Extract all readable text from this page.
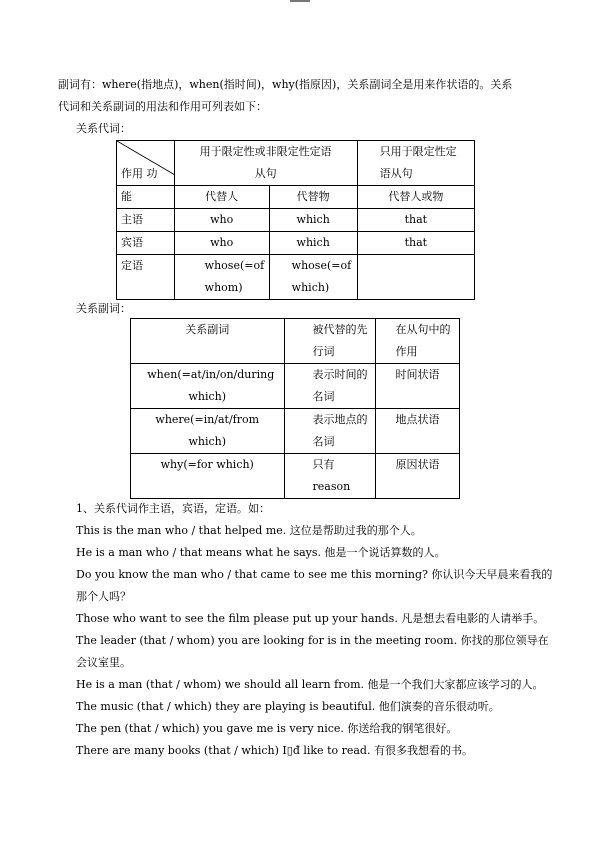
副词有：where(指地点)，when(指时间)，why(指原因)，关系副词全是用来作状语的。关系

代词和关系副词的用法和作用可列表如下：

关系代词：

作用 功	用于限定性或非限定性定语从句		只用于限定性定
语从句

能	代替人	代替物	代替人或物
主语	who	which	that
宾语	who	which	that
定语	whose(=of whom)	whose(=of which)	

关系副词：

关系副词	被代替的先行词	在从句中的作用

when(=at/in/on/during which)	表示时间的名词	时间状语
where(=in/at/from which)	表示地点的名词	地点状语
why(=for which)	只有reason	原因状语

1、关系代词作主语，宾语，定语。如：

This is the man who / that helped me. 这位是帮助过我的那个人。

He is a man who / that means what he says. 他是一个说话算数的人。

Do you know the man who / that came to see me this morning? 你认识今天早晨来看我的那个人吗？

Those who want to see the film please put up your hands. 凡是想去看电影的人请举手。

The leader (that / whom) you are looking for is in the meeting room. 你找的那位领导在会议室里。

He is a man (that / whom) we should all learn from. 他是一个我们大家都应该学习的人。

The music (that / which) they are playing is beautiful. 他们演奏的音乐很动听。

The pen (that / which) you gave me is very nice. 你送给我的钢笔很好。

There are many books (that / which) I▯đ like to read. 有很多我想看的书。
